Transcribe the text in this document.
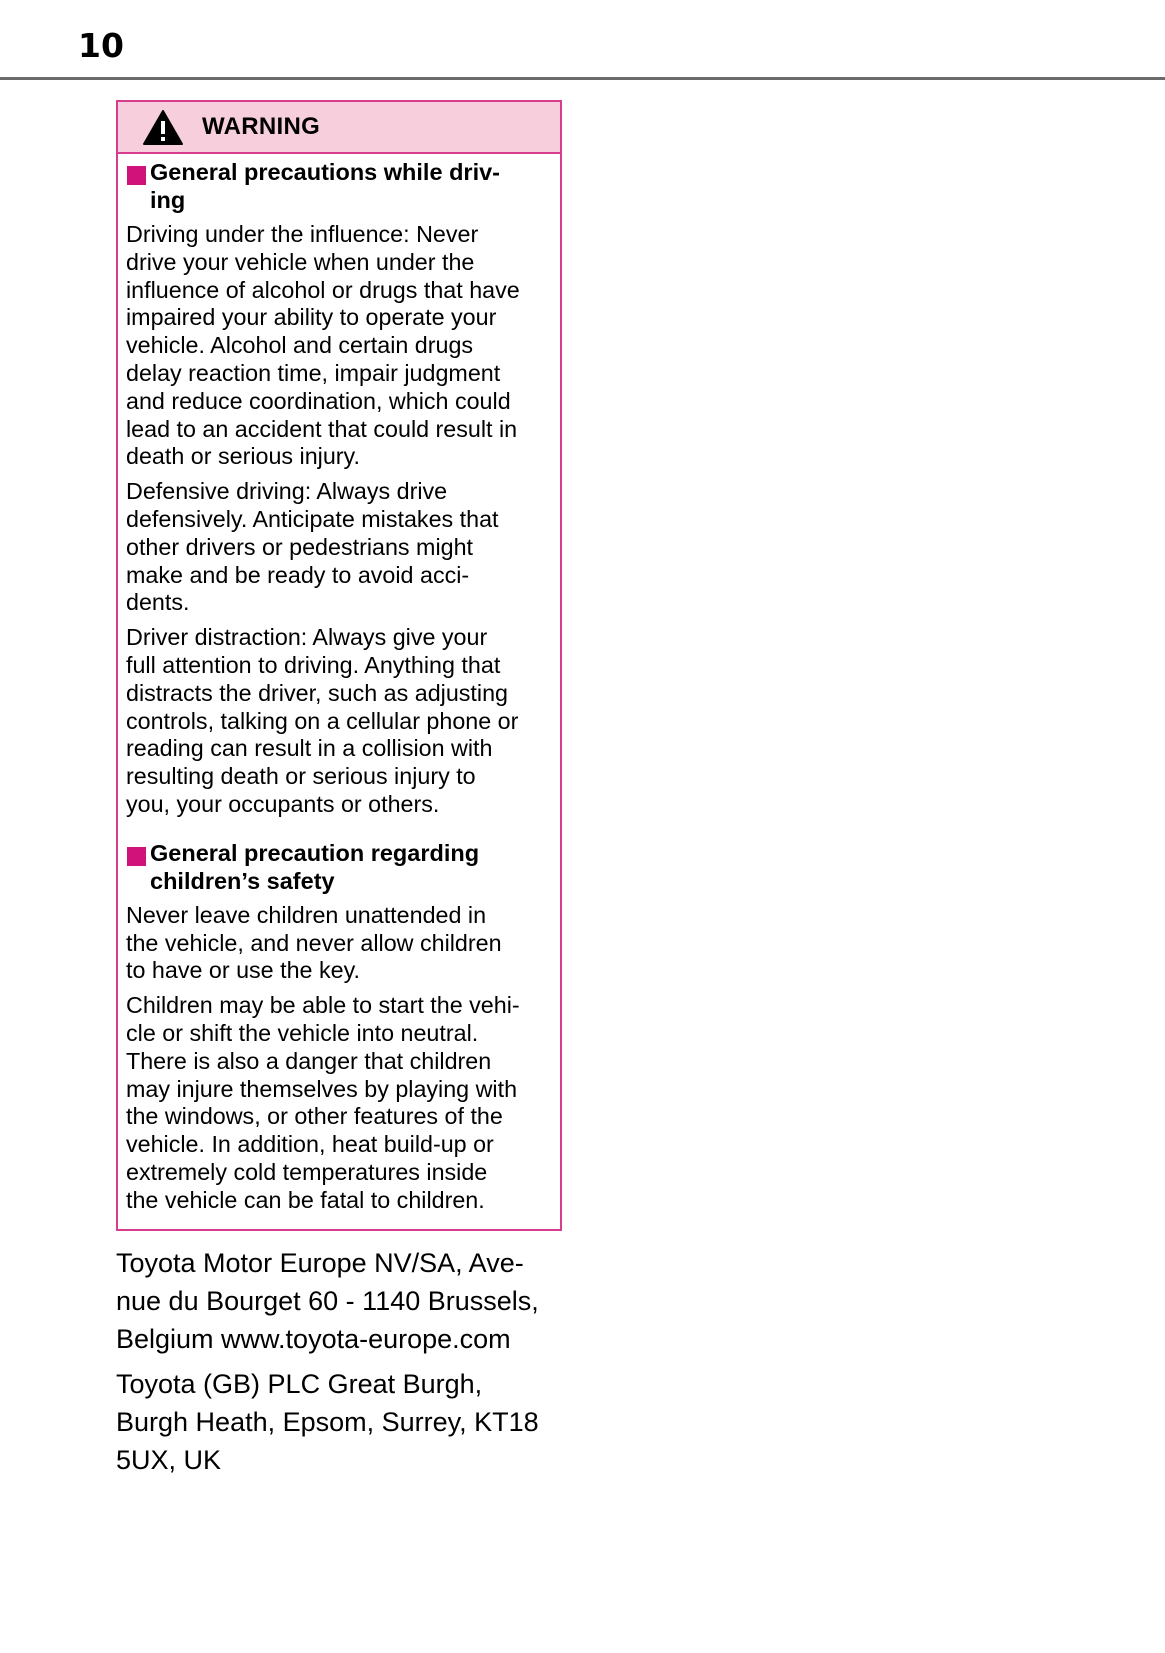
10
WARNING
General precautions while driv-
ing
Driving under the influence: Never
drive your vehicle when under the
influence of alcohol or drugs that have
impaired your ability to operate your
vehicle. Alcohol and certain drugs
delay reaction time, impair judgment
and reduce coordination, which could
lead to an accident that could result in
death or serious injury.
Defensive driving: Always drive
defensively. Anticipate mistakes that
other drivers or pedestrians might
make and be ready to avoid acci-
dents.
Driver distraction: Always give your
full attention to driving. Anything that
distracts the driver, such as adjusting
controls, talking on a cellular phone or
reading can result in a collision with
resulting death or serious injury to
you, your occupants or others.
General precaution regarding
children’s safety
Never leave children unattended in
the vehicle, and never allow children
to have or use the key.
Children may be able to start the vehi-
cle or shift the vehicle into neutral.
There is also a danger that children
may injure themselves by playing with
the windows, or other features of the
vehicle. In addition, heat build-up or
extremely cold temperatures inside
the vehicle can be fatal to children.
Toyota Motor Europe NV/SA, Ave-
nue du Bourget 60 - 1140 Brussels,
Belgium www.toyota-europe.com
Toyota (GB) PLC Great Burgh,
Burgh Heath, Epsom, Surrey, KT18
5UX, UK
